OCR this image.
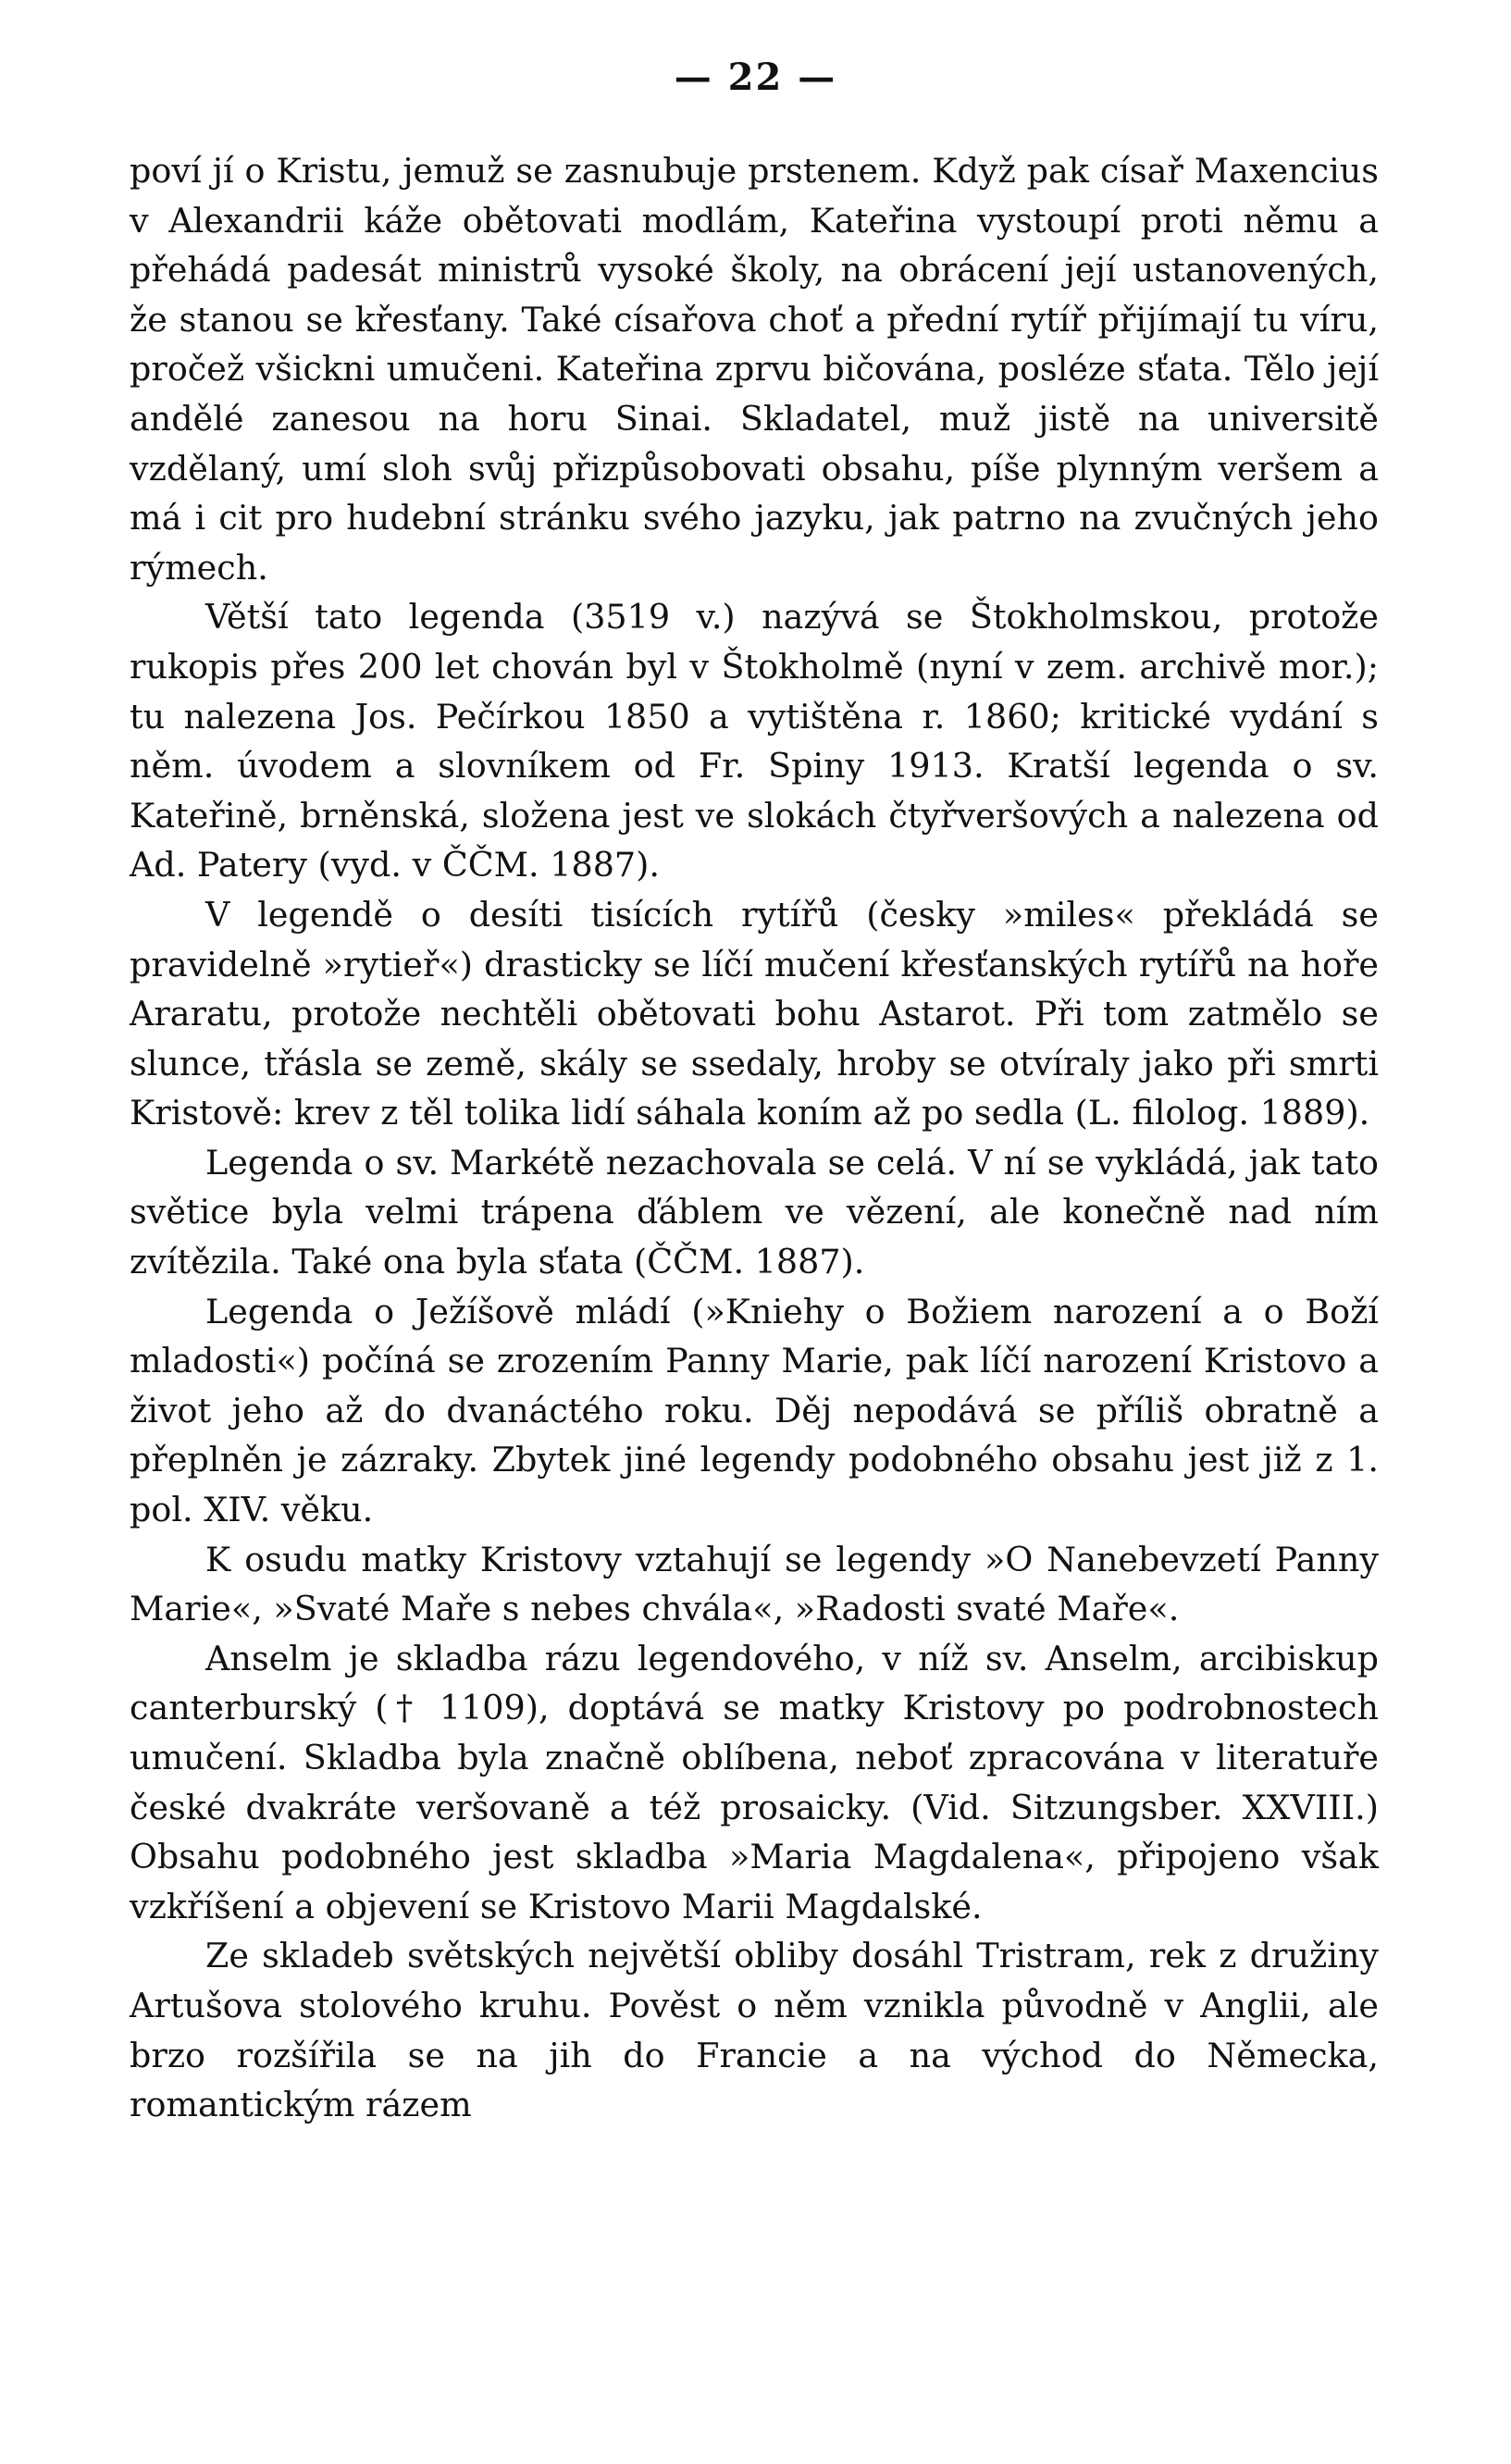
— 22 —

poví jí o Kristu, jemuž se zasnubuje prstenem. Když pak císař Maxencius v Alexandrii káže obětovati modlám, Kateřina vystoupí proti němu a přehádá padesát ministrů vysoké školy, na obrácení její ustanovených, že stanou se křesťany. Také císařova choť a přední rytíř přijímají tu víru, pročež všickni umučeni. Kateřina zprvu bičována, posléze sťata. Tělo její andělé zanesou na horu Sinai. Skladatel, muž jistě na universitě vzdělaný, umí sloh svůj přizpůsobovati obsahu, píše plynným veršem a má i cit pro hudební stránku svého jazyku, jak patrno na zvučných jeho rýmech.

Větší tato legenda (3519 v.) nazývá se Štokholmskou, protože rukopis přes 200 let chován byl v Štokholmě (nyní v zem. archivě mor.); tu nalezena Jos. Pečírkou 1850 a vytištěna r. 1860; kritické vydání s něm. úvodem a slovníkem od Fr. Spiny 1913. Kratší legenda o sv. Kateřině, brněnská, složena jest ve slokách čtyřveršových a nalezena od Ad. Patery (vyd. v ČČM. 1887).

V legendě o desíti tisících rytířů (česky »miles« překládá se pravidelně »rytieř«) drasticky se líčí mučení křesťanských rytířů na hoře Araratu, protože nechtěli obětovati bohu Astarot. Při tom zatmělo se slunce, třásla se země, skály se ssedaly, hroby se otvíraly jako při smrti Kristově: krev z těl tolika lidí sáhala koním až po sedla (L. filolog. 1889).

Legenda o sv. Markétě nezachovala se celá. V ní se vykládá, jak tato světice byla velmi trápena ďáblem ve vězení, ale konečně nad ním zvítězila. Také ona byla sťata (ČČM. 1887).

Legenda o Ježíšově mládí (»Kniehy o Božiem narození a o Boží mladosti«) počíná se zrozením Panny Marie, pak líčí narození Kristovo a život jeho až do dvanáctého roku. Děj nepodává se příliš obratně a přeplněn je zázraky. Zbytek jiné legendy podobného obsahu jest již z 1. pol. XIV. věku.

K osudu matky Kristovy vztahují se legendy »O Nanebevzetí Panny Marie«, »Svaté Maře s nebes chvála«, »Radosti svaté Maře«.

Anselm je skladba rázu legendového, v níž sv. Anselm, arcibiskup canterburský († 1109), doptává se matky Kristovy po podrobnostech umučení. Skladba byla značně oblíbena, neboť zpracována v literatuře české dvakráte veršovaně a též prosaicky. (Vid. Sitzungsber. XXVIII.) Obsahu podobného jest skladba »Maria Magdalena«, připojeno však vzkříšení a objevení se Kristovo Marii Magdalské.

Ze skladeb světských největší obliby dosáhl Tristram, rek z družiny Artušova stolového kruhu. Pověst o něm vznikla původně v Anglii, ale brzo rozšířila se na jih do Francie a na východ do Německa, romantickým rázem
